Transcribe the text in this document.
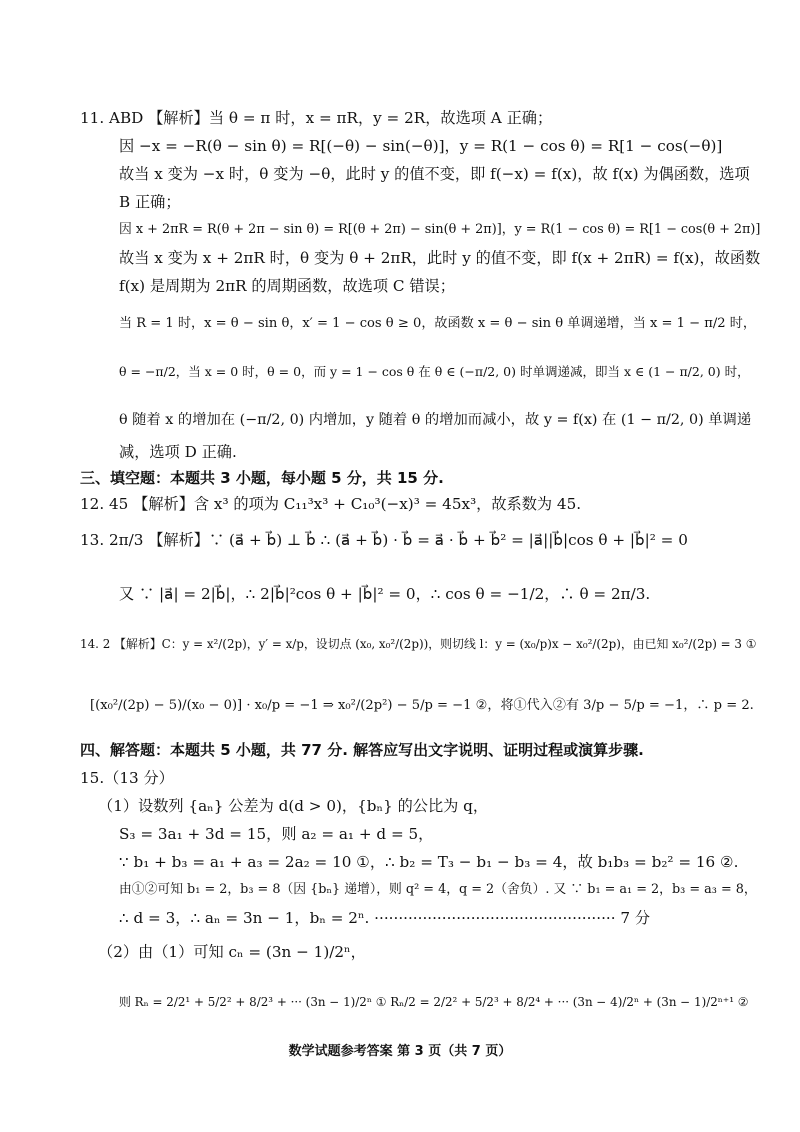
11. ABD 【解析】当 θ = π 时，x = πR，y = 2R，故选项 A 正确；
因 −x = −R(θ − sin θ) = R[(−θ) − sin(−θ)]，y = R(1 − cos θ) = R[1 − cos(−θ)]
故当 x 变为 −x 时，θ 变为 −θ，此时 y 的值不变，即 f(−x) = f(x)，故 f(x) 为偶函数，选项
B 正确；
因 x + 2πR = R(θ + 2π − sin θ) = R[(θ + 2π) − sin(θ + 2π)]，y = R(1 − cos θ) = R[1 − cos(θ + 2π)]
故当 x 变为 x + 2πR 时，θ 变为 θ + 2πR，此时 y 的值不变，即 f(x + 2πR) = f(x)，故函数
f(x) 是周期为 2πR 的周期函数，故选项 C 错误；
当 R = 1 时，x = θ − sin θ，x′ = 1 − cos θ ≥ 0，故函数 x = θ − sin θ 单调递增，当 x = 1 − π/2 时，
θ = −π/2，当 x = 0 时，θ = 0，而 y = 1 − cos θ 在 θ ∈ (−π/2, 0) 时单调递减，即当 x ∈ (1 − π/2, 0) 时，
θ 随着 x 的增加在 (−π/2, 0) 内增加，y 随着 θ 的增加而减小，故 y = f(x) 在 (1 − π/2, 0) 单调递
减，选项 D 正确.
三、填空题：本题共 3 小题，每小题 5 分，共 15 分.
12. 45 【解析】含 x³ 的项为 C₁₁³x³ + C₁₀³(−x)³ = 45x³，故系数为 45.
13. 2π/3 【解析】∵ (a⃗ + b⃗) ⊥ b⃗ ∴ (a⃗ + b⃗) · b⃗ = a⃗ · b⃗ + b⃗² = |a⃗||b⃗|cos θ + |b⃗|² = 0
又 ∵ |a⃗| = 2|b⃗|，∴ 2|b⃗|²cos θ + |b⃗|² = 0，∴ cos θ = −1/2，∴ θ = 2π/3.
14. 2 【解析】C：y = x²/(2p)，y′ = x/p，设切点 (x₀, x₀²/(2p))，则切线 l：y = (x₀/p)x − x₀²/(2p)，由已知 x₀²/(2p) = 3 ①
[(x₀²/(2p) − 5)/(x₀ − 0)] · x₀/p = −1 ⇒ x₀²/(2p²) − 5/p = −1 ②，将①代入②有 3/p − 5/p = −1，∴ p = 2.
四、解答题：本题共 5 小题，共 77 分. 解答应写出文字说明、证明过程或演算步骤.
15.（13 分）
（1）设数列 {aₙ} 公差为 d(d > 0)，{bₙ} 的公比为 q，
S₃ = 3a₁ + 3d = 15，则 a₂ = a₁ + d = 5，
∵ b₁ + b₃ = a₁ + a₃ = 2a₂ = 10 ①，∴ b₂ = T₃ − b₁ − b₃ = 4，故 b₁b₃ = b₂² = 16 ②.
由①②可知 b₁ = 2，b₃ = 8（因 {bₙ} 递增），则 q² = 4，q = 2（舍负）. 又 ∵ b₁ = a₁ = 2，b₃ = a₃ = 8，
∴ d = 3，∴ aₙ = 3n − 1，bₙ = 2ⁿ. ·················································· 7 分
（2）由（1）可知 cₙ = (3n − 1)/2ⁿ，
则 Rₙ = 2/2¹ + 5/2² + 8/2³ + ··· (3n − 1)/2ⁿ ① Rₙ/2 = 2/2² + 5/2³ + 8/2⁴ + ··· (3n − 4)/2ⁿ + (3n − 1)/2ⁿ⁺¹ ②
数学试题参考答案 第 3 页（共 7 页）
